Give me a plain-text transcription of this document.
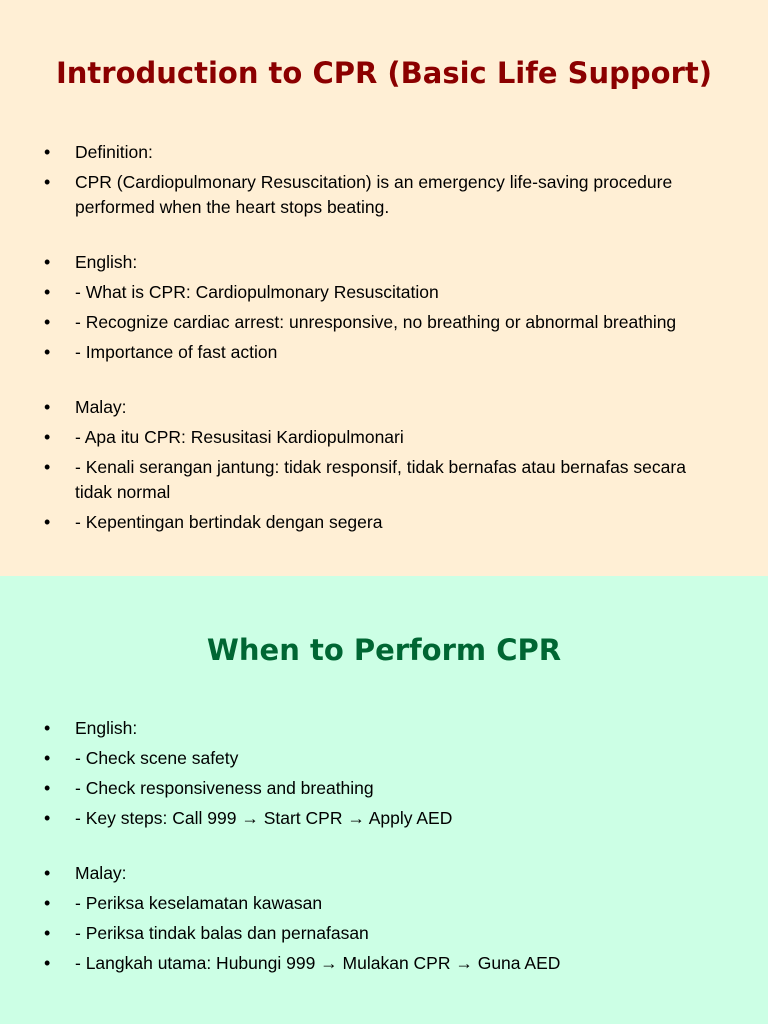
Introduction to CPR (Basic Life Support)
• Definition:
• CPR (Cardiopulmonary Resuscitation) is an emergency life-saving procedure performed when the heart stops beating.
• English:
• - What is CPR: Cardiopulmonary Resuscitation
• - Recognize cardiac arrest: unresponsive, no breathing or abnormal breathing
• - Importance of fast action
• Malay:
• - Apa itu CPR: Resusitasi Kardiopulmonari
• - Kenali serangan jantung: tidak responsif, tidak bernafas atau bernafas secara tidak normal
• - Kepentingan bertindak dengan segera
When to Perform CPR
• English:
• - Check scene safety
• - Check responsiveness and breathing
• - Key steps: Call 999 → Start CPR → Apply AED
• Malay:
• - Periksa keselamatan kawasan
• - Periksa tindak balas dan pernafasan
• - Langkah utama: Hubungi 999 → Mulakan CPR → Guna AED
